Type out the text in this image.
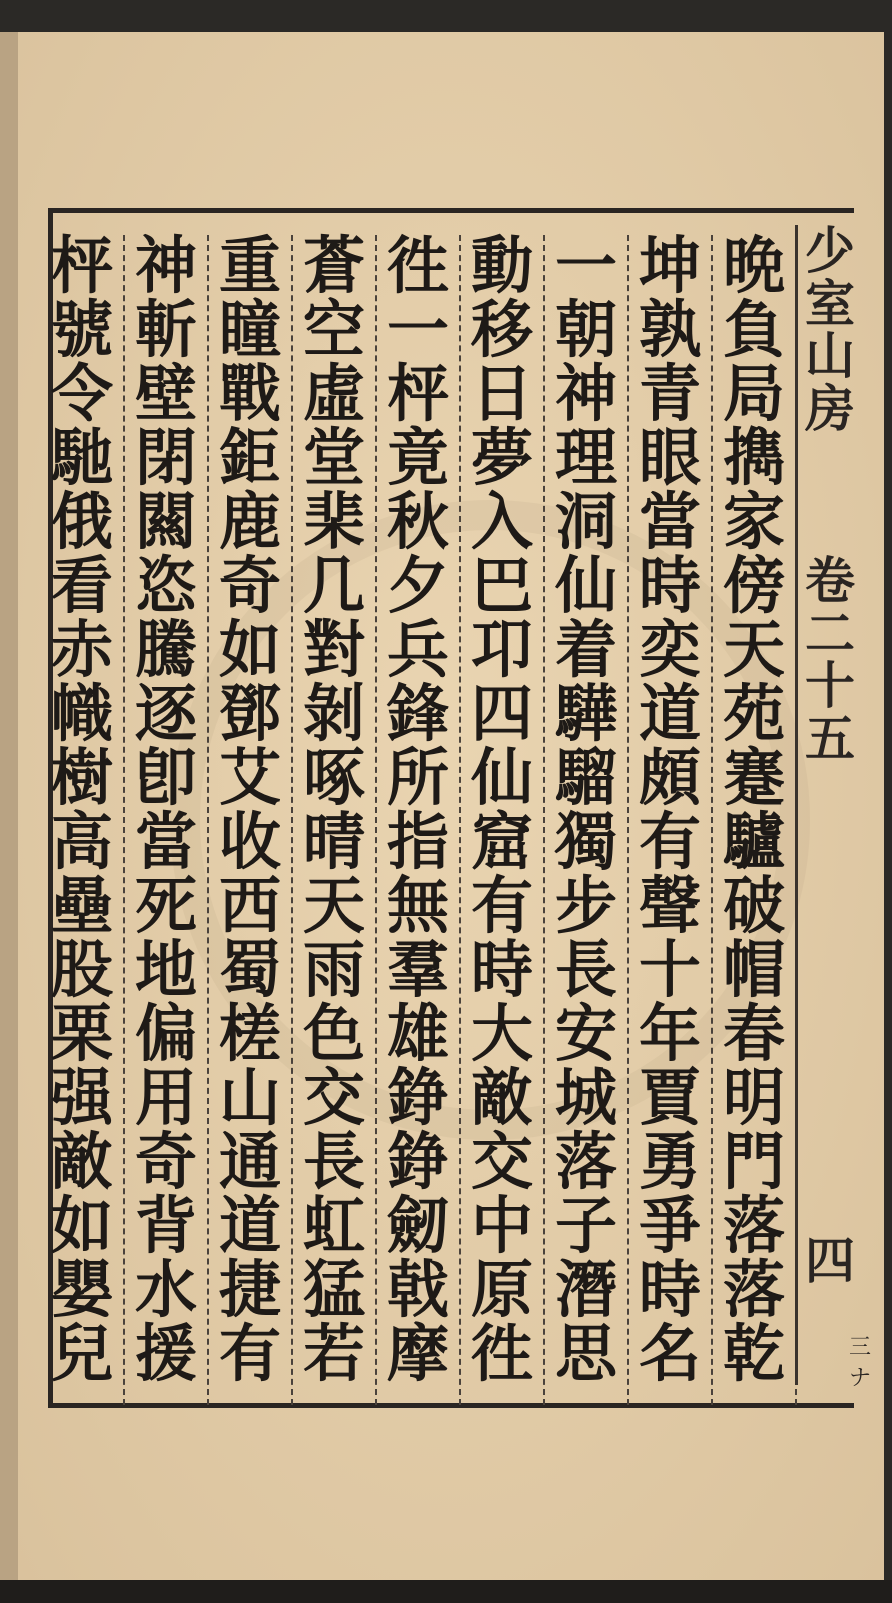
晩
負
局
擕
家
傍
天
苑
蹇
驢
破
帽
春
明
門
落
落
乾
坤
孰
青
眼
當
時
奕
道
頗
有
聲
十
年
賈
勇
爭
時
名
一
朝
神
理
洞
仙
着
驊
騮
獨
步
長
安
城
落
子
潛
思
動
移
日
夢
入
巴
卭
四
仙
窟
有
時
大
敵
交
中
原
徃
徃
一
枰
竟
秋
夕
兵
鋒
所
指
無
羣
雄
錚
錚
劒
戟
摩
蒼
空
虛
堂
棐
几
對
剝
啄
晴
天
雨
色
交
長
虹
猛
若
重
瞳
戰
鉅
鹿
奇
如
鄧
艾
收
西
蜀
槎
山
通
道
捷
有
神
斬
壁
閉
闗
恣
騰
逐
卽
當
死
地
偏
用
奇
背
水
援
枰
號
令
馳
俄
看
赤
幟
樹
高
壘
股
栗
强
敵
如
嬰
兒
少
室
山
房
卷
二
十
五
四
三ナ
